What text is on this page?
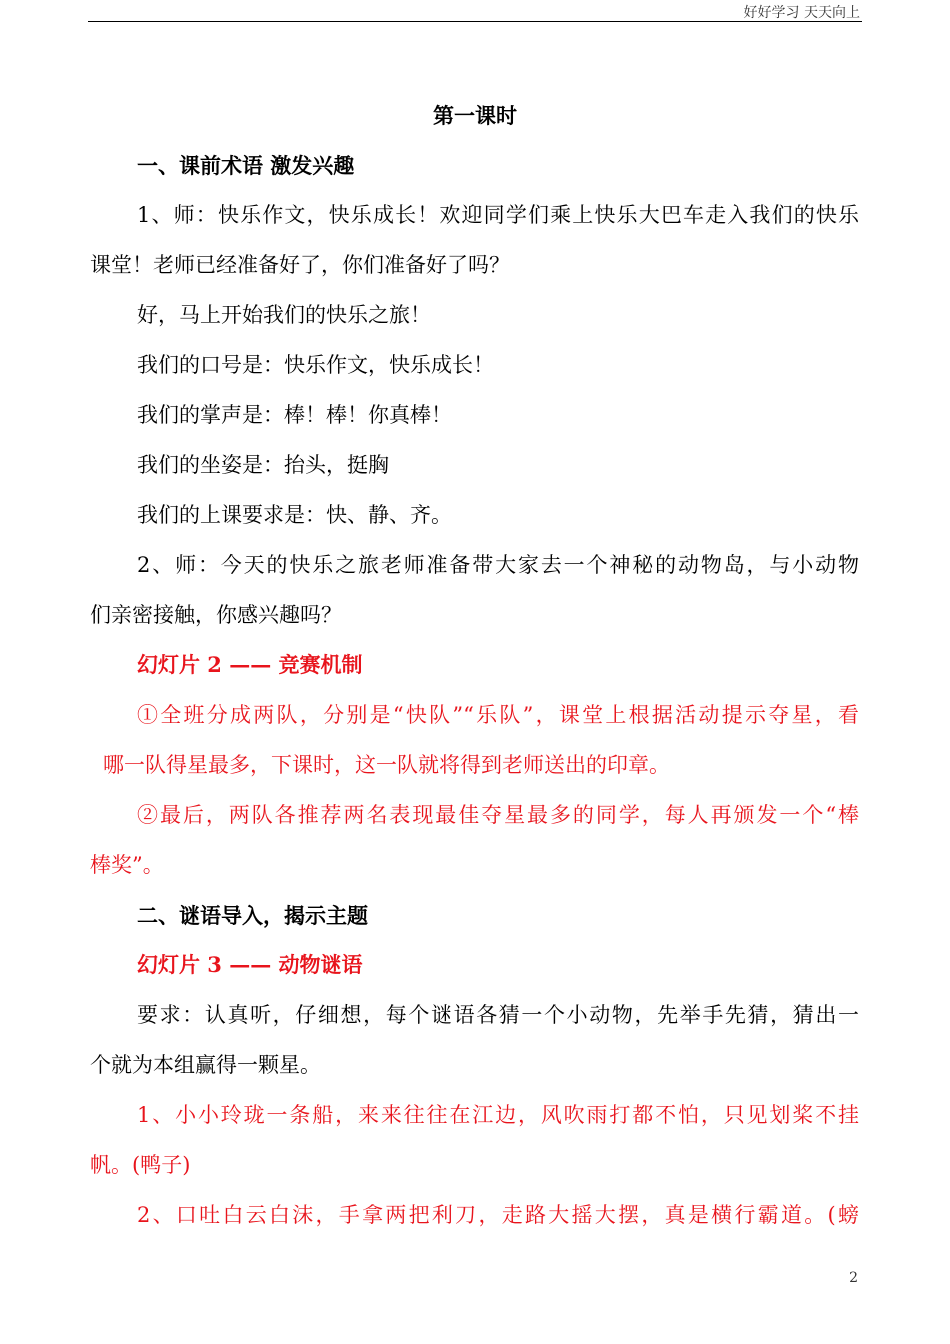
好好学习 天天向上
第一课时
一、课前术语 激发兴趣
1、师：快乐作文，快乐成长！欢迎同学们乘上快乐大巴车走入我们的快乐
课堂！老师已经准备好了，你们准备好了吗？
好，马上开始我们的快乐之旅！
我们的口号是：快乐作文，快乐成长！
我们的掌声是：棒！棒！你真棒！
我们的坐姿是：抬头，挺胸
我们的上课要求是：快、静、齐。
2、师：今天的快乐之旅老师准备带大家去一个神秘的动物岛，与小动物
们亲密接触，你感兴趣吗？
幻灯片 2 —— 竞赛机制
①全班分成两队，分别是“快队”“乐队”，课堂上根据活动提示夺星，看
哪一队得星最多，下课时，这一队就将得到老师送出的印章。
②最后，两队各推荐两名表现最佳夺星最多的同学，每人再颁发一个“棒
棒奖”。
二、谜语导入，揭示主题
幻灯片 3 —— 动物谜语
要求：认真听，仔细想，每个谜语各猜一个小动物，先举手先猜，猜出一
个就为本组赢得一颗星。
1、小小玲珑一条船，来来往往在江边，风吹雨打都不怕，只见划桨不挂
帆。(鸭子)
2、口吐白云白沫，手拿两把利刀，走路大摇大摆，真是横行霸道。(螃
2
